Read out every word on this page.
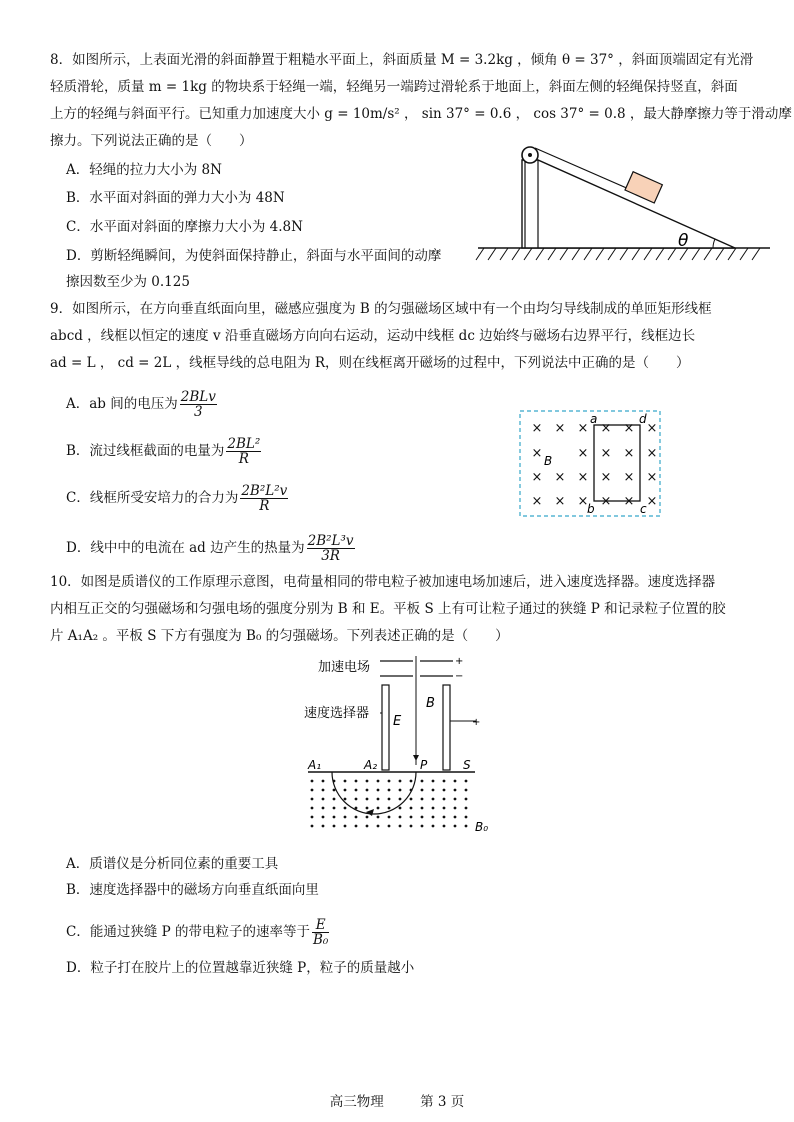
8．如图所示，上表面光滑的斜面静置于粗糙水平面上，斜面质量 M = 3.2kg ，倾角 θ = 37° ，斜面顶端固定有光滑
轻质滑轮，质量 m = 1kg 的物块系于轻绳一端，轻绳另一端跨过滑轮系于地面上，斜面左侧的轻绳保持竖直，斜面
上方的轻绳与斜面平行。已知重力加速度大小 g = 10m/s² ， sin 37° = 0.6 ， cos 37° = 0.8 ，最大静摩擦力等于滑动摩
擦力。下列说法正确的是（　　）
A．轻绳的拉力大小为 8N
B．水平面对斜面的弹力大小为 48N
C．水平面对斜面的摩擦力大小为 4.8N
D．剪断轻绳瞬间，为使斜面保持静止，斜面与水平面间的动摩
擦因数至少为 0.125
θ
9．如图所示，在方向垂直纸面向里，磁感应强度为 B 的匀强磁场区域中有一个由均匀导线制成的单匝矩形线框
abcd ，线框以恒定的速度 v 沿垂直磁场方向向右运动，运动中线框 dc 边始终与磁场右边界平行，线框边长
ad = L ， cd = 2L ，线框导线的总电阻为 R，则在线框离开磁场的过程中，下列说法中正确的是（　　）
A．ab 间的电压为 $\frac{\text{2BLv}}{3}$
B．流过线框截面的电量为 $\frac{\text{2BL²}}{R}$
C．线框所受安培力的合力为 $\frac{\text{2B²L²v}}{R}$
D．线中中的电流在 ad 边产生的热量为 $\frac{\text{2B²L³v}}{3R}$
× × × × × ×
×	× × × ×
× × × × × ×
× × × × × ×
a	d
b	c
B
10．如图是质谱仪的工作原理示意图，电荷量相同的带电粒子被加速电场加速后，进入速度选择器。速度选择器
内相互正交的匀强磁场和匀强电场的强度分别为 B 和 E。平板 S 上有可让粒子通过的狭缝 P 和记录粒子位置的胶
片 A₁A₂ 。平板 S 下方有强度为 B₀ 的匀强磁场。下列表述正确的是（　　）
加速电场	+
−
+
速度选择器
E
B
A₁	A₂	P	S
B₀
A．质谱仪是分析同位素的重要工具
B．速度选择器中的磁场方向垂直纸面向里
C．能通过狭缝 P 的带电粒子的速率等于 $\frac{E}{\text{B₀}}$
D．粒子打在胶片上的位置越靠近狭缝 P，粒子的质量越小
高三物理	第 3 页
